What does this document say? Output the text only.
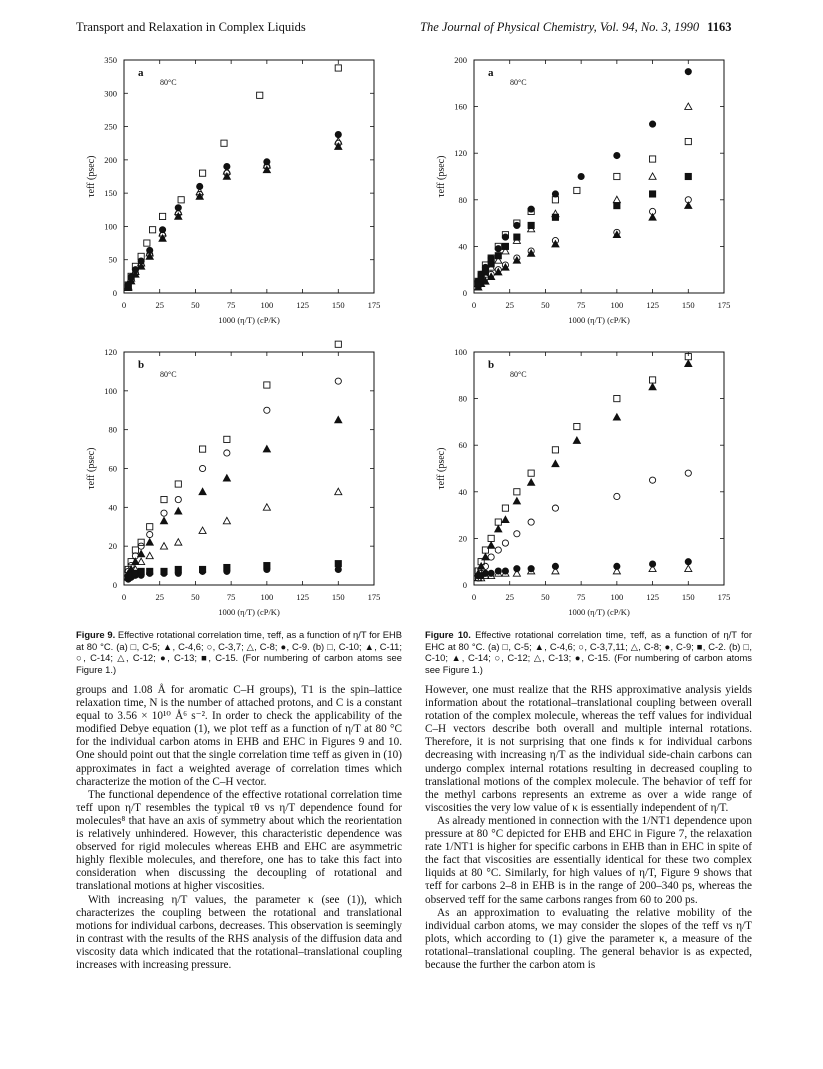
Transport and Relaxation in Complex Liquids	The Journal of Physical Chemistry, Vol. 94, No. 3, 1990 1163
0	25	50	75	100	125	150	175
0
50
100
150
200
250
300
350
1000 (η/T) (cP/K)
τeff (psec)
a
80°C
0	25	50	75	100	125	150	175
0
40
80
120
160
200
1000 (η/T) (cP/K)
τeff (psec)
a
80°C
0	25	50	75	100	125	150	175
0
20
40
60
80
100
120
1000 (η/T) (cP/K)
τeff (psec)
b
80°C
0	25	50	75	100	125	150	175
0
20
40
60
80
100
1000 (η/T) (cP/K)
τeff (psec)
b
80°C
Figure 9. Effective rotational correlation time, τeff, as a function of η/T for EHB at 80 °C. (a) □, C-5; ▲, C-4,6; ○, C-3,7; △, C-8; ●, C-9. (b) □, C-10; ▲, C-11; ○, C-14; △, C-12; ●, C-13; ■, C-15. (For numbering of carbon atoms see Figure 1.)
Figure 10. Effective rotational correlation time, τeff, as a function of η/T for EHC at 80 °C. (a) □, C-5; ▲, C-4,6; ○, C-3,7,11; △, C-8; ●, C-9; ■, C-2. (b) □, C-10; ▲, C-14; ○, C-12; △, C-13; ●, C-15. (For numbering of carbon atoms see Figure 1.)

groups and 1.08 Å for aromatic C–H groups), T1 is the spin–lattice relaxation time, N is the number of attached protons, and C is a constant equal to 3.56 × 10¹⁰ Å⁶ s⁻². In order to check the applicability of the modified Debye equation (1), we plot τeff as a function of η/T at 80 °C for the individual carbon atoms in EHB and EHC in Figures 9 and 10. One should point out that the single correlation time τeff as given in (10) approximates in fact a weighted average of correlation times which characterize the motion of the C–H vector.

The functional dependence of the effective rotational correlation time τeff upon η/T resembles the typical τθ vs η/T dependence found for molecules⁸ that have an axis of symmetry about which the reorientation is relatively unhindered. However, this characteristic dependence was observed for rigid molecules whereas EHB and EHC are asymmetric highly flexible molecules, and therefore, one has to take this fact into consideration when discussing the decoupling of rotational and translational motions at higher viscosities.

With increasing η/T values, the parameter κ (see (1)), which characterizes the coupling between the rotational and translational motions for individual carbons, decreases. This observation is seemingly in contrast with the results of the RHS analysis of the diffusion data and viscosity data which indicated that the rotational–translational coupling increases with increasing pressure.

However, one must realize that the RHS approximative analysis yields information about the rotational–translational coupling between overall rotation of the complex molecule, whereas the τeff values for individual C–H vectors describe both overall and multiple internal rotations. Therefore, it is not surprising that one finds κ for individual carbons decreasing with increasing η/T as the individual side-chain carbons can undergo complex internal rotations resulting in decreased coupling to translational motions of the complex molecule. The behavior of τeff for the methyl carbons represents an extreme as over a wide range of viscosities the very low value of κ is essentially independent of η/T.

As already mentioned in connection with the 1/NT1 dependence upon pressure at 80 °C depicted for EHB and EHC in Figure 7, the relaxation rate 1/NT1 is higher for specific carbons in EHB than in EHC in spite of the fact that viscosities are essentially identical for these two complex liquids at 80 °C. Similarly, for high values of η/T, Figure 9 shows that τeff for carbons 2–8 in EHB is in the range of 200–340 ps, whereas the observed τeff for the same carbons ranges from 60 to 200 ps.

As an approximation to evaluating the relative mobility of the individual carbon atoms, we may consider the slopes of the τeff vs η/T plots, which according to (1) give the parameter κ, a measure of the rotational–translational coupling. The general behavior is as expected, because the further the carbon atom is
